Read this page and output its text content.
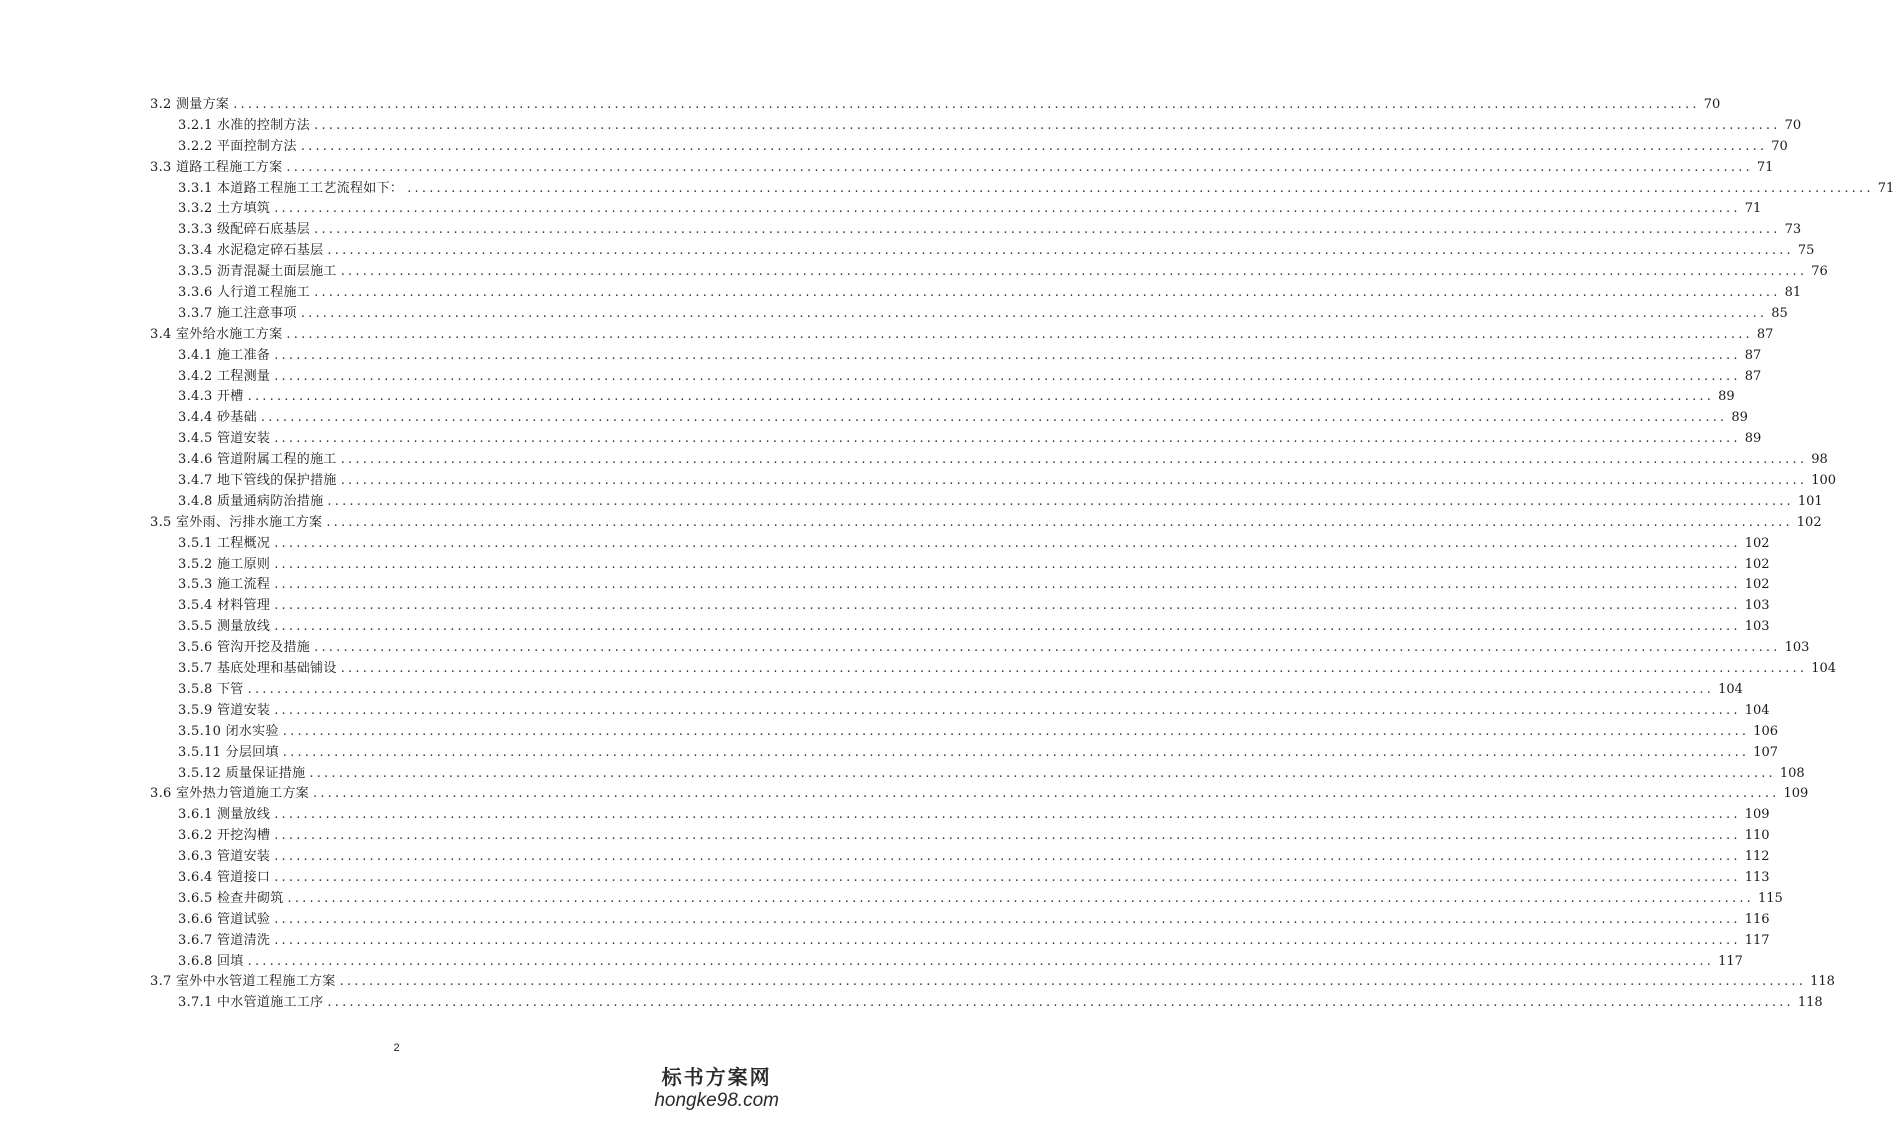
3.2 测量方案 ........................................................................................................................................................................................................ 70
3.2.1 水准的控制方法 ........................................................................................................................................................................................................ 70
3.2.2 平面控制方法 ........................................................................................................................................................................................................ 70
3.3 道路工程施工方案 ........................................................................................................................................................................................................ 71
3.3.1 本道路工程施工工艺流程如下： ........................................................................................................................................................................................................ 71
3.3.2 土方填筑 ........................................................................................................................................................................................................ 71
3.3.3 级配碎石底基层 ........................................................................................................................................................................................................ 73
3.3.4 水泥稳定碎石基层 ........................................................................................................................................................................................................ 75
3.3.5 沥青混凝土面层施工 ........................................................................................................................................................................................................ 76
3.3.6 人行道工程施工 ........................................................................................................................................................................................................ 81
3.3.7 施工注意事项 ........................................................................................................................................................................................................ 85
3.4 室外给水施工方案 ........................................................................................................................................................................................................ 87
3.4.1 施工准备 ........................................................................................................................................................................................................ 87
3.4.2 工程测量 ........................................................................................................................................................................................................ 87
3.4.3 开槽 ........................................................................................................................................................................................................ 89
3.4.4 砂基础 ........................................................................................................................................................................................................ 89
3.4.5 管道安装 ........................................................................................................................................................................................................ 89
3.4.6 管道附属工程的施工 ........................................................................................................................................................................................................ 98
3.4.7 地下管线的保护措施 ........................................................................................................................................................................................................ 100
3.4.8 质量通病防治措施 ........................................................................................................................................................................................................ 101
3.5 室外雨、污排水施工方案 ........................................................................................................................................................................................................ 102
3.5.1 工程概况 ........................................................................................................................................................................................................ 102
3.5.2 施工原则 ........................................................................................................................................................................................................ 102
3.5.3 施工流程 ........................................................................................................................................................................................................ 102
3.5.4 材料管理 ........................................................................................................................................................................................................ 103
3.5.5 测量放线 ........................................................................................................................................................................................................ 103
3.5.6 管沟开挖及措施 ........................................................................................................................................................................................................ 103
3.5.7 基底处理和基础铺设 ........................................................................................................................................................................................................ 104
3.5.8 下管 ........................................................................................................................................................................................................ 104
3.5.9 管道安装 ........................................................................................................................................................................................................ 104
3.5.10 闭水实验 ........................................................................................................................................................................................................ 106
3.5.11 分层回填 ........................................................................................................................................................................................................ 107
3.5.12 质量保证措施 ........................................................................................................................................................................................................ 108
3.6 室外热力管道施工方案 ........................................................................................................................................................................................................ 109
3.6.1 测量放线 ........................................................................................................................................................................................................ 109
3.6.2 开挖沟槽 ........................................................................................................................................................................................................ 110
3.6.3 管道安装 ........................................................................................................................................................................................................ 112
3.6.4 管道接口 ........................................................................................................................................................................................................ 113
3.6.5 检查井砌筑 ........................................................................................................................................................................................................ 115
3.6.6 管道试验 ........................................................................................................................................................................................................ 116
3.6.7 管道清洗 ........................................................................................................................................................................................................ 117
3.6.8 回填 ........................................................................................................................................................................................................ 117
3.7 室外中水管道工程施工方案 ........................................................................................................................................................................................................ 118
3.7.1 中水管道施工工序 ........................................................................................................................................................................................................ 118
2
标书方案网
hongke98.com
